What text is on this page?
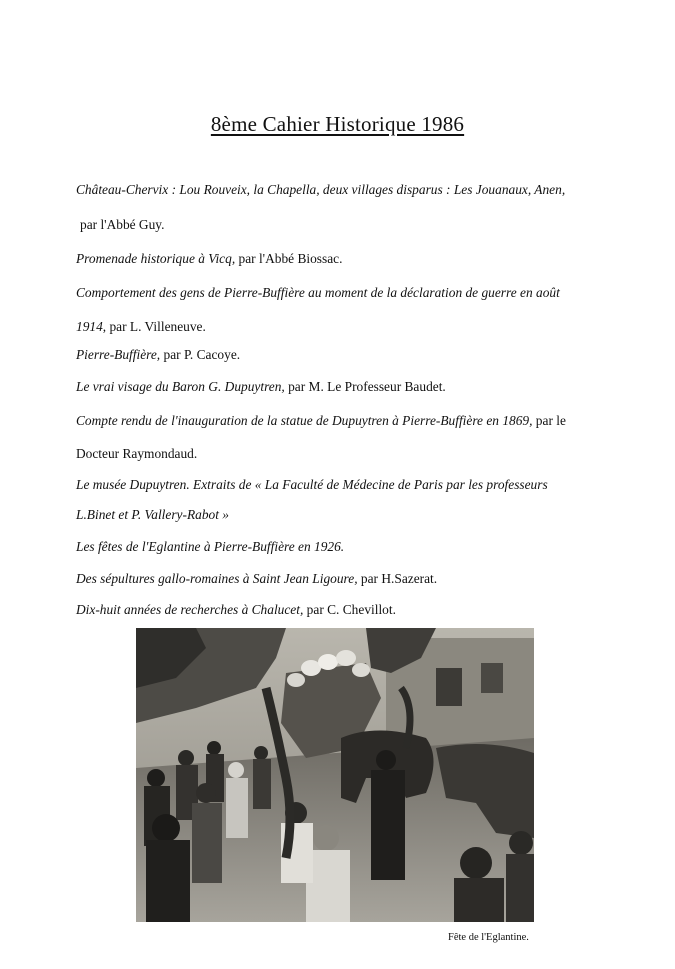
8ème Cahier Historique 1986
Château-Chervix : Lou Rouveix, la Chapella, deux villages disparus : Les Jouanaux, Anen,
par l'Abbé Guy.
Promenade historique à Vicq, par l'Abbé Biossac.
Comportement des gens de Pierre-Buffière au moment de la déclaration de guerre en août
1914, par L. Villeneuve.
Pierre-Buffière, par P. Cacoye.
Le vrai visage du Baron G. Dupuytren, par M. Le Professeur Baudet.
Compte rendu de l'inauguration de la statue de Dupuytren à Pierre-Buffière en 1869, par le
Docteur Raymondaud.
Le musée Dupuytren. Extraits de « La Faculté de Médecine de Paris par les professeurs
L.Binet et P. Vallery-Rabot »
Les fêtes de l'Eglantine à Pierre-Buffière en 1926.
Des sépultures gallo-romaines à Saint Jean Ligoure, par H.Sazerat.
Dix-huit années de recherches à Chalucet, par C. Chevillot.
Fête de l'Eglantine.
